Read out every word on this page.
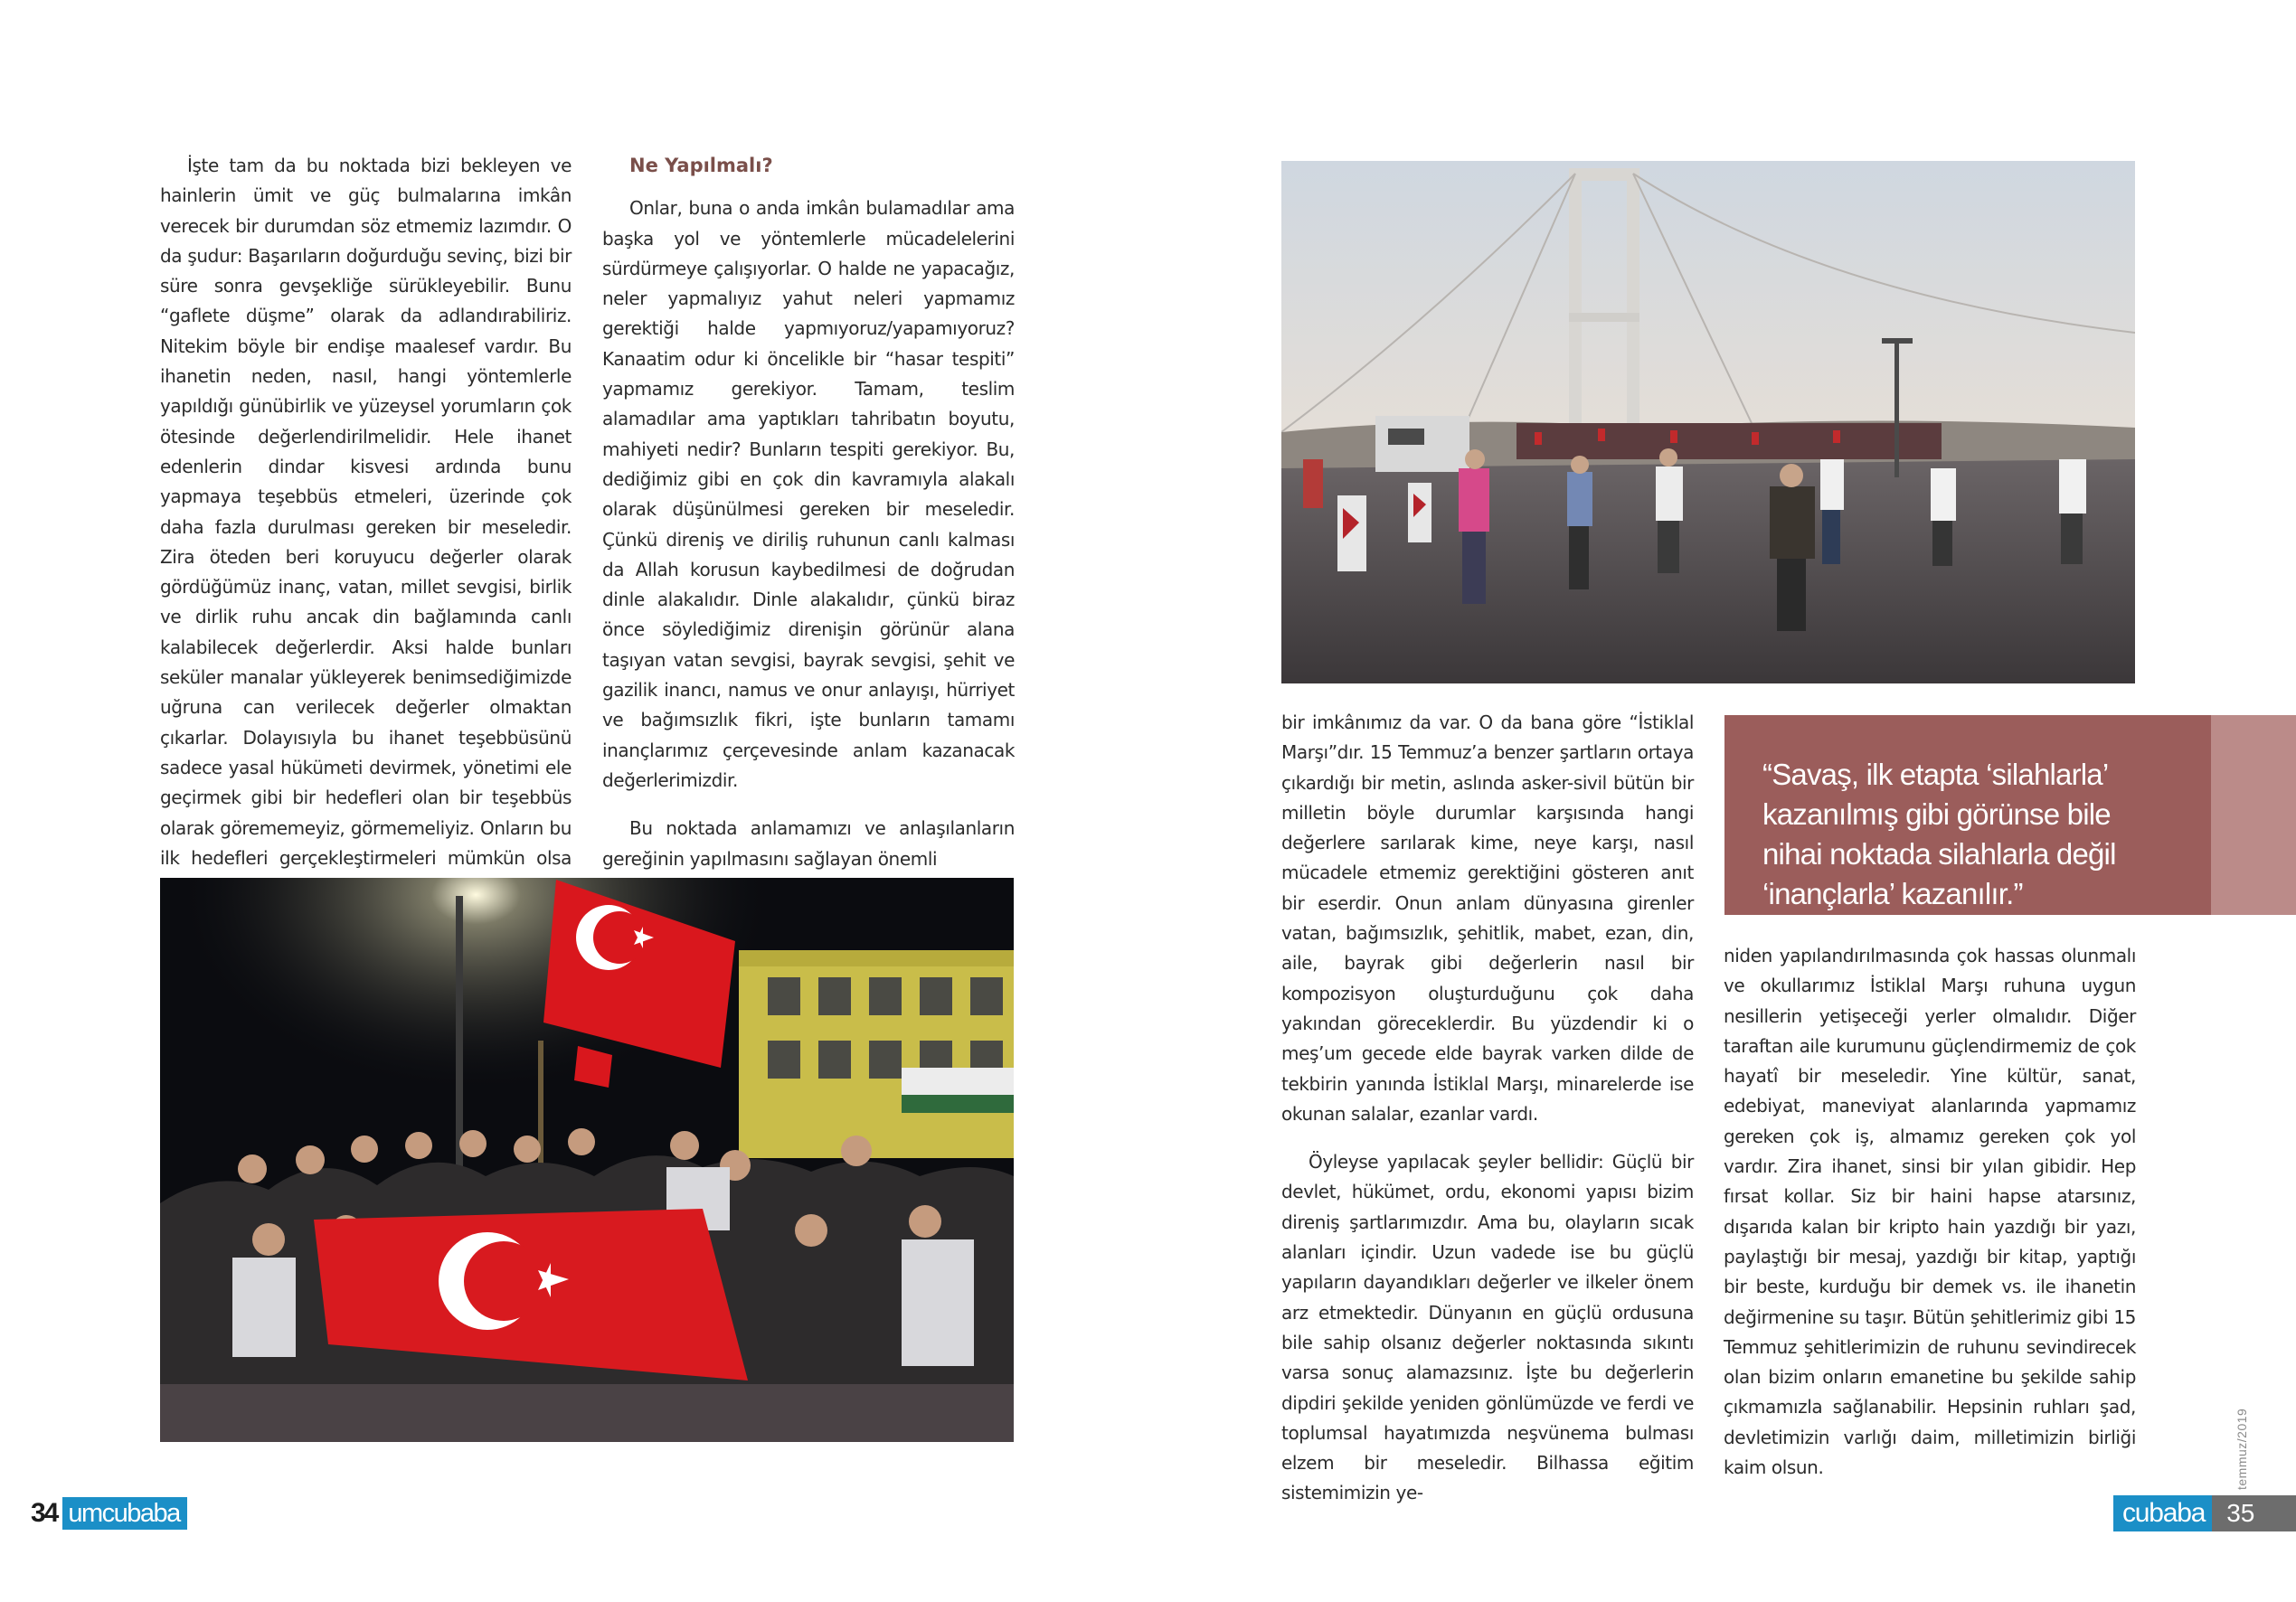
İşte tam da bu noktada bizi bekleyen ve hainlerin ümit ve güç bulmalarına imkân verecek bir durumdan söz etmemiz lazımdır. O da şudur: Başarıların doğurduğu sevinç, bizi bir süre sonra gevşekliğe sürükleyebilir. Bunu “gaflete düşme” olarak da adlandırabiliriz. Nitekim böyle bir endişe maalesef vardır. Bu ihanetin neden, nasıl, hangi yöntemlerle yapıldığı günübirlik ve yüzeysel yorumların çok ötesinde değerlendirilmelidir. Hele ihanet edenlerin dindar kisvesi ardında bunu yapmaya teşebbüs etmeleri, üzerinde çok daha fazla durulması gereken bir meseledir. Zira öteden beri koruyucu değerler olarak gördüğümüz inanç, vatan, millet sevgisi, birlik ve dirlik ruhu ancak din bağlamında canlı kalabilecek değerlerdir. Aksi halde bunları seküler manalar yükleyerek benimsediğimizde uğruna can verilecek değerler olmaktan çıkarlar. Dolayısıyla bu ihanet teşebbüsünü sadece yasal hükümeti devirmek, yönetimi ele geçirmek gibi bir hedefleri olan bir teşebbüs olarak görememeyiz, görmemeliyiz. Onların bu ilk hedefleri gerçekleştirmeleri mümkün olsa

Ne Yapılmalı?

Onlar, buna o anda imkân bulamadılar ama başka yol ve yöntemlerle mücadelelerini sürdürmeye çalışıyorlar. O halde ne yapacağız, neler yapmalıyız yahut neleri yapmamız gerektiği halde yapmıyoruz/yapamıyoruz? Kanaatim odur ki öncelikle bir “hasar tespiti” yapmamız gerekiyor. Tamam, teslim alamadılar ama yaptıkları tahribatın boyutu, mahiyeti nedir? Bunların tespiti gerekiyor. Bu, dediğimiz gibi en çok din kavramıyla alakalı olarak düşünülmesi gereken bir meseledir. Çünkü direniş ve diriliş ruhunun canlı kalması da Allah korusun kaybedilmesi de doğrudan dinle alakalıdır. Dinle alakalıdır, çünkü biraz önce söylediğimiz direnişin görünür alana taşıyan vatan sevgisi, bayrak sevgisi, şehit ve gazilik inancı, namus ve onur anlayışı, hürriyet ve bağımsızlık fikri, işte bunların tamamı inançlarımız çerçevesinde anlam kazanacak değerlerimizdir.

Bu noktada anlamamızı ve anlaşılanların gereğinin yapılmasını sağlayan önemli

bir imkânımız da var. O da bana göre “İstiklal Marşı”dır. 15 Temmuz’a benzer şartların ortaya çıkardığı bir metin, aslında asker-sivil bütün bir milletin böyle durumlar karşısında hangi değerlere sarılarak kime, neye karşı, nasıl mücadele etmemiz gerektiğini gösteren anıt bir eserdir. Onun anlam dünyasına girenler vatan, bağımsızlık, şehitlik, mabet, ezan, din, aile, bayrak gibi değerlerin nasıl bir kompozisyon oluşturduğunu çok daha yakından göreceklerdir. Bu yüzdendir ki o meş’um gecede elde bayrak varken dilde de tekbirin yanında İstiklal Marşı, minarelerde ise okunan salalar, ezanlar vardı.

Öyleyse yapılacak şeyler bellidir: Güçlü bir devlet, hükümet, ordu, ekonomi yapısı bizim direniş şartlarımızdır. Ama bu, olayların sıcak alanları içindir. Uzun vadede ise bu güçlü yapıların dayandıkları değerler ve ilkeler önem arz etmektedir. Dünyanın en güçlü ordusuna bile sahip olsanız değerler noktasında sıkıntı varsa sonuç alamazsınız. İşte bu değerlerin dipdiri şekilde yeniden gönlümüzde ve ferdi ve toplumsal hayatımızda neşvünema bulması elzem bir meseledir. Bilhassa eğitim sistemimizin ye-

“Savaş, ilk etapta ‘silahlarla’ kazanılmış gibi görünse bile nihai noktada silahlarla değil ‘inançlarla’ kazanılır.”

niden yapılandırılmasında çok hassas olunmalı ve okullarımız İstiklal Marşı ruhuna uygun nesillerin yetişeceği yerler olmalıdır. Diğer taraftan aile kurumunu güçlendirmemiz de çok hayatî bir meseledir. Yine kültür, sanat, edebiyat, maneviyat alanlarında yapmamız gereken çok iş, almamız gereken çok yol vardır. Zira ihanet, sinsi bir yılan gibidir. Hep fırsat kollar. Siz bir haini hapse atarsınız, dışarıda kalan bir kripto hain yazdığı bir yazı, paylaştığı bir mesaj, yazdığı bir kitap, yaptığı bir beste, kurduğu bir demek vs. ile ihanetin değirmenine su taşır. Bütün şehitlerimiz gibi 15 Temmuz şehitlerimizin de ruhunu sevindirecek olan bizim onların emanetine bu şekilde sahip çıkmamızla sağlanabilir. Hepsinin ruhları şad, devletimizin varlığı daim, milletimizin birliği kaim olsun.	temmuz/2019
34 umcubaba	cubaba 35
